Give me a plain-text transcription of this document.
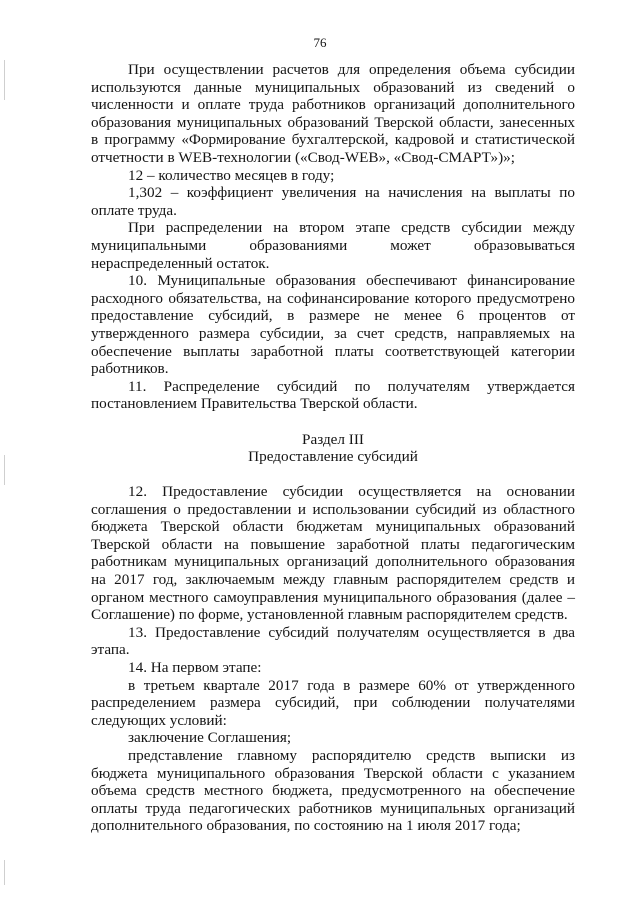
76

При осуществлении расчетов для определения объема субсидии используются данные муниципальных образований из сведений о численности и оплате труда работников организаций дополнительного образования муниципальных образований Тверской области, занесенных в программу «Формирование бухгалтерской, кадровой и статистической отчетности в WEB-технологии («Свод-WEB», «Свод-СМАРТ»)»;

12 – количество месяцев в году;

1,302 – коэффициент увеличения на начисления на выплаты по оплате труда.

При распределении на втором этапе средств субсидии между муниципальными образованиями может образовываться нераспределенный остаток.

10. Муниципальные образования обеспечивают финансирование расходного обязательства, на софинансирование которого предусмотрено предоставление субсидий, в размере не менее 6 процентов от утвержденного размера субсидии, за счет средств, направляемых на обеспечение выплаты заработной платы соответствующей категории работников.

11. Распределение субсидий по получателям утверждается постановлением Правительства Тверской области.

Раздел III
Предоставление субсидий

12. Предоставление субсидии осуществляется на основании соглашения о предоставлении и использовании субсидий из областного бюджета Тверской области бюджетам муниципальных образований Тверской области на повышение заработной платы педагогическим работникам муниципальных организаций дополнительного образования на 2017 год, заключаемым между главным распорядителем средств и органом местного самоуправления муниципального образования (далее – Соглашение) по форме, установленной главным распорядителем средств.

13. Предоставление субсидий получателям осуществляется в два этапа.

14. На первом этапе:

в третьем квартале 2017 года в размере 60% от утвержденного распределением размера субсидий, при соблюдении получателями следующих условий:

заключение Соглашения;

представление главному распорядителю средств выписки из бюджета муниципального образования Тверской области с указанием объема средств местного бюджета, предусмотренного на обеспечение оплаты труда педагогических работников муниципальных организаций дополнительного образования, по состоянию на 1 июля 2017 года;
